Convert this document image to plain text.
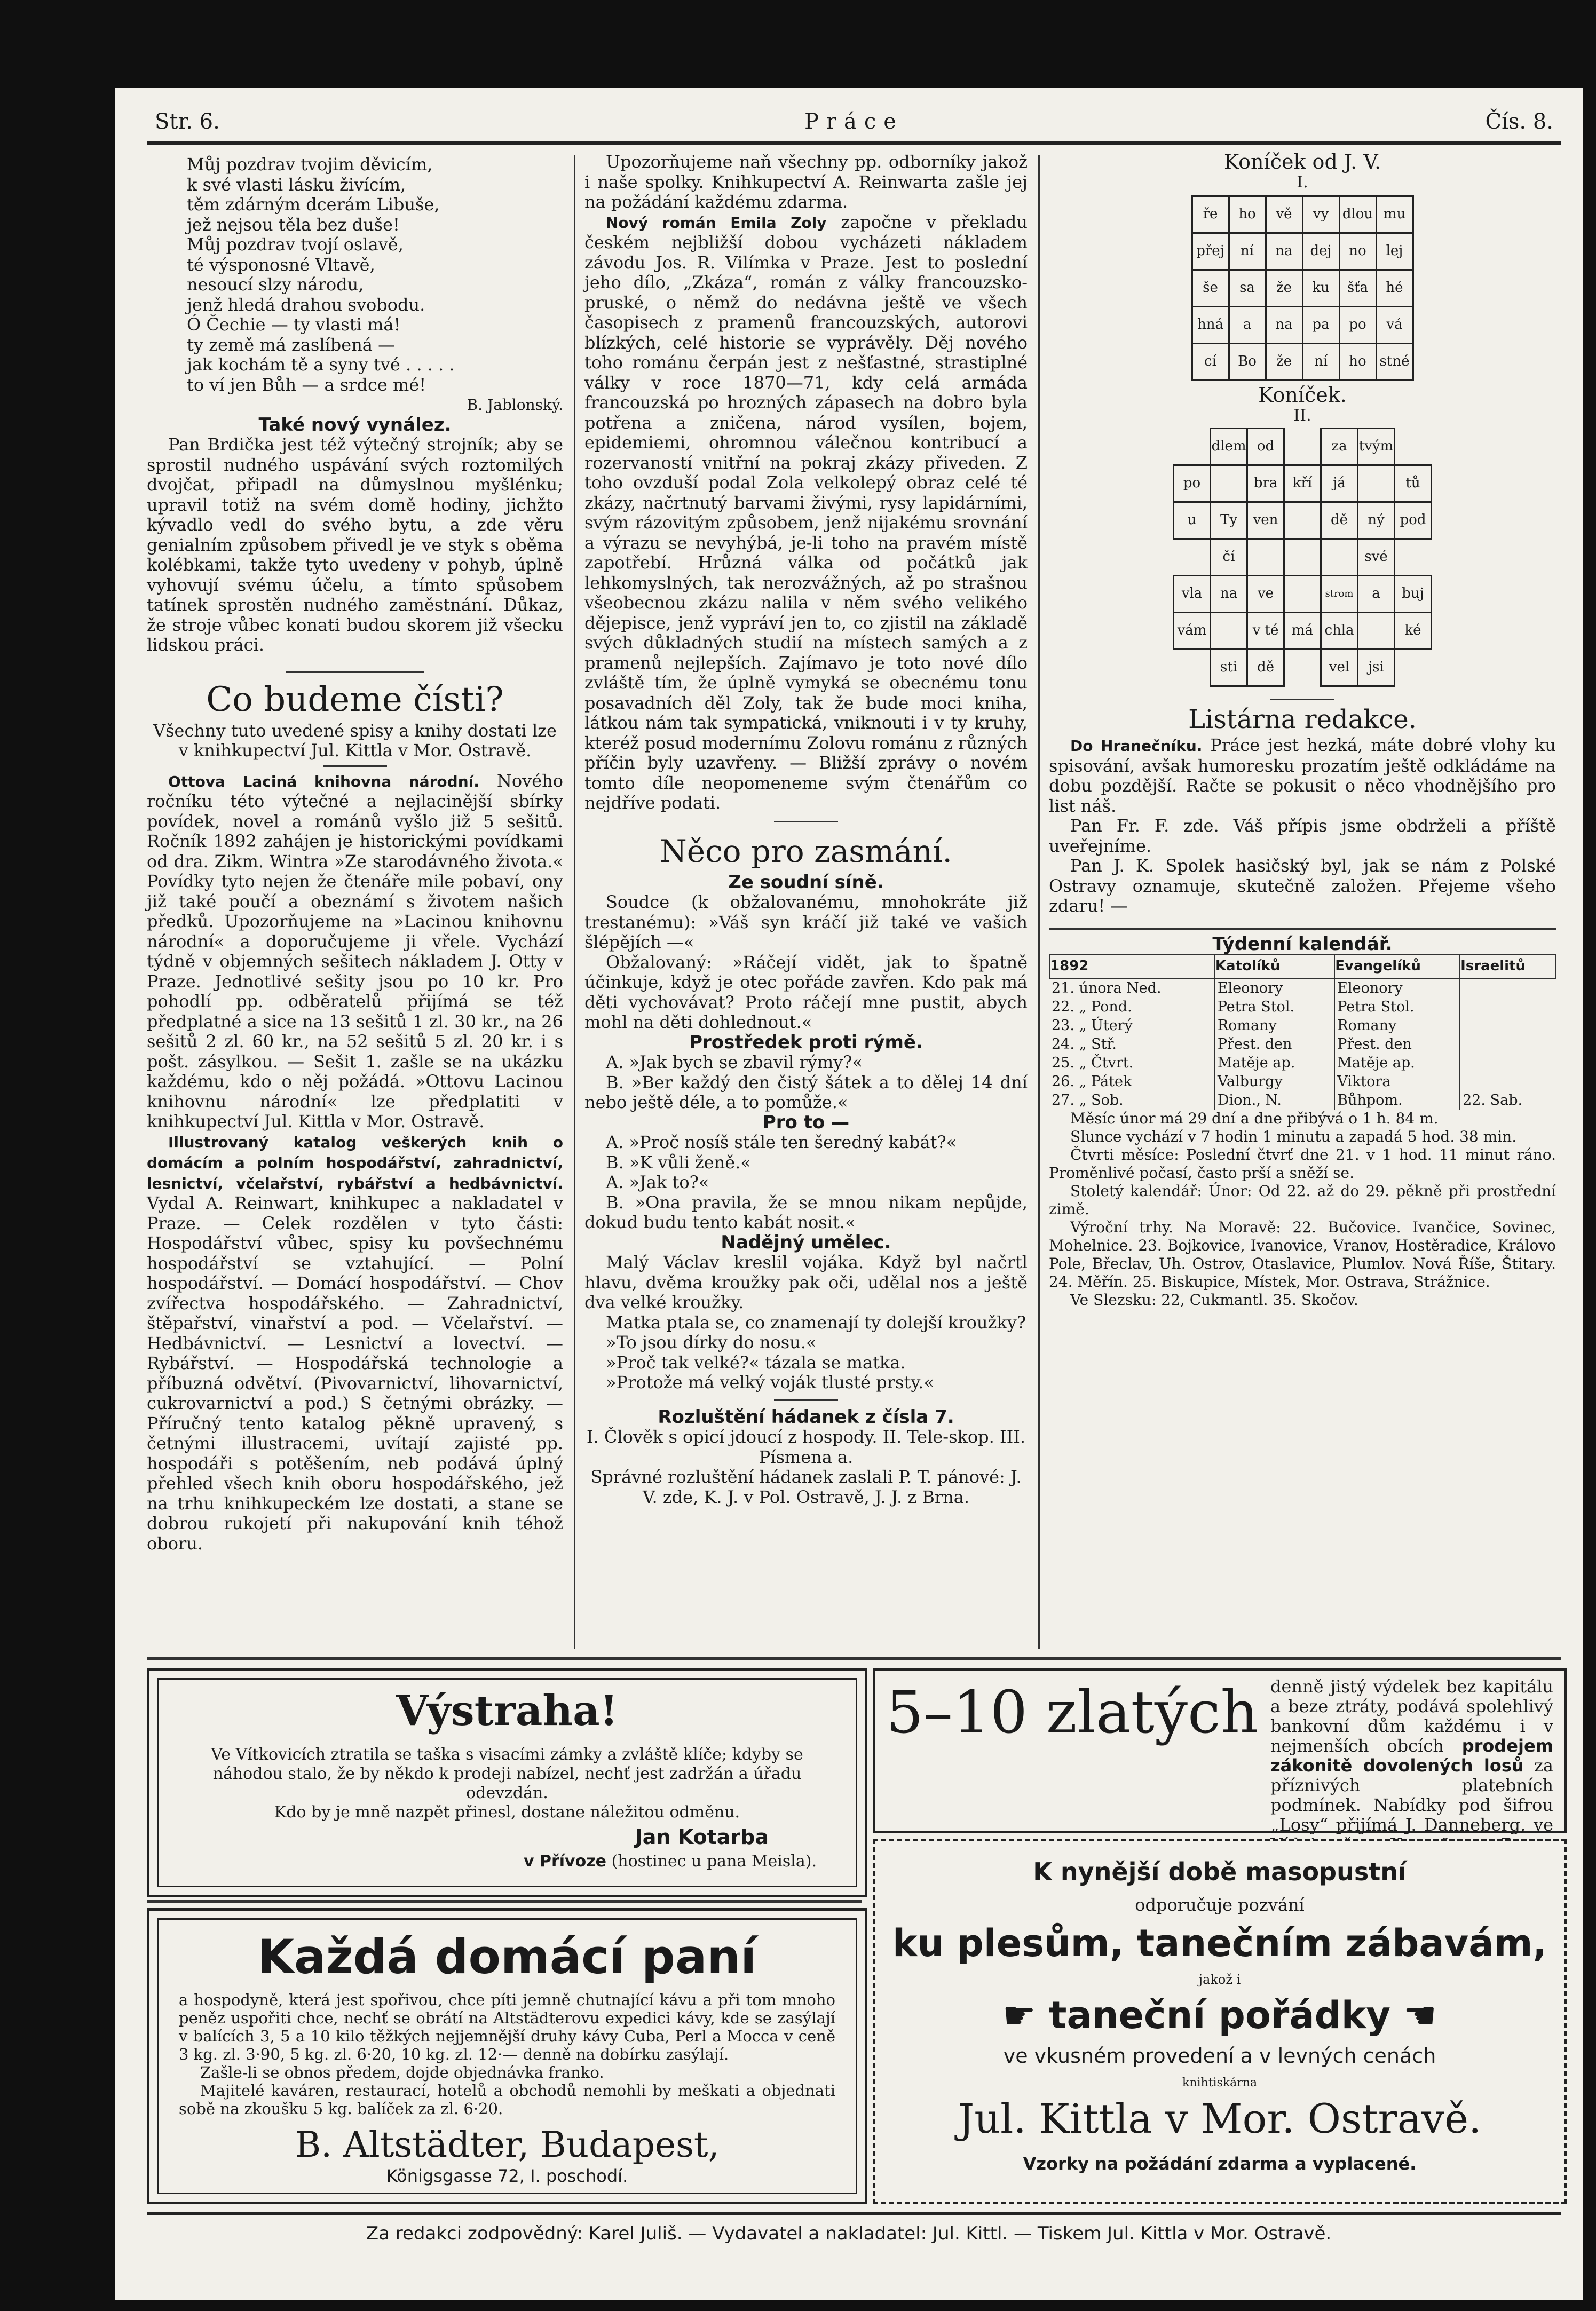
Str. 6.	Práce	Čís. 8.

Můj pozdrav tvojim děvicím,

k své vlasti lásku živícím,

těm zdárným dcerám Libuše,

jež nejsou těla bez duše!

Můj pozdrav tvojí oslavě,

té výsponosné Vltavě,

nesoucí slzy národu,

jenž hledá drahou svobodu.

Ó Čechie — ty vlasti má!

ty země má zaslíbená —

jak kochám tě a syny tvé . . . . .

to ví jen Bůh — a srdce mé!

B. Jablonský.

Také nový vynález.

Pan Brdička jest též výtečný strojník; aby se sprostil nudného uspávání svých roztomilých dvojčat, připadl na důmyslnou myšlénku; upravil totiž na svém domě hodiny, jichžto kývadlo vedl do svého bytu, a zde věru genialním způsobem přivedl je ve styk s oběma kolébkami, takže tyto uvedeny v pohyb, úplně vyhovují svému účelu, a tímto spůsobem tatínek sprostěn nudného zaměstnání. Důkaz, že stroje vůbec konati budou skorem již všecku lidskou práci.

Co budeme čísti?

Všechny tuto uvedené spisy a knihy dostati lze v knihkupectví Jul. Kittla v Mor. Ostravě.

Ottova Laciná knihovna národní. Nového ročníku této výtečné a nejlacinější sbírky povídek, novel a románů vyšlo již 5 sešitů. Ročník 1892 zahájen je historickými povídkami od dra. Zikm. Wintra »Ze starodávného života.« Povídky tyto nejen že čtenáře mile pobaví, ony již také poučí a obeznámí s životem našich předků. Upozorňujeme na »Lacinou knihovnu národní« a doporučujeme ji vřele. Vychází týdně v objemných sešitech nákladem J. Otty v Praze. Jednotlivé sešity jsou po 10 kr. Pro pohodlí pp. odběratelů přijímá se též předplatné a sice na 13 sešitů 1 zl. 30 kr., na 26 sešitů 2 zl. 60 kr., na 52 sešitů 5 zl. 20 kr. i s pošt. zásylkou. — Sešit 1. zašle se na ukázku každému, kdo o něj požádá. »Ottovu Lacinou knihovnu národní« lze předplatiti v knihkupectví Jul. Kittla v Mor. Ostravě.

Illustrovaný katalog veškerých knih o domácím a polním hospodářství, zahradnictví, lesnictví, včelařství, rybářství a hedbávnictví. Vydal A. Reinwart, knihkupec a nakladatel v Praze. — Celek rozdělen v tyto části: Hospodářství vůbec, spisy ku povšechnému hospodářství se vztahující. — Polní hospodářství. — Domácí hospodářství. — Chov zvířectva hospodářského. — Zahradnictví, štěpařství, vinařství a pod. — Včelařství. — Hedbávnictví. — Lesnictví a lovectví. — Rybářství. — Hospodářská technologie a příbuzná odvětví. (Pivovarnictví, lihovarnictví, cukrovarnictví a pod.) S četnými obrázky. — Příručný tento katalog pěkně upravený, s četnými illustracemi, uvítají zajisté pp. hospodáři s potěšením, neb podává úplný přehled všech knih oboru hospodářského, jež na trhu knihkupeckém lze dostati, a stane se dobrou rukojetí při nakupování knih téhož oboru.

Upozorňujeme naň všechny pp. odborníky jakož i naše spolky. Knihkupectví A. Reinwarta zašle jej na požádání každému zdarma.

Nový román Emila Zoly započne v překladu českém nejbližší dobou vycházeti nákladem závodu Jos. R. Vilímka v Praze. Jest to poslední jeho dílo, „Zkáza“, román z války francouzsko-pruské, o němž do nedávna ještě ve všech časopisech z pramenů francouzských, autorovi blízkých, celé historie se vyprávěly. Děj nového toho románu čerpán jest z nešťastné, strastiplné války v roce 1870—71, kdy celá armáda francouzská po hrozných zápasech na dobro byla potřena a zničena, národ vysílen, bojem, epidemiemi, ohromnou válečnou kontribucí a rozervaností vnitřní na pokraj zkázy přiveden. Z toho ovzduší podal Zola velkolepý obraz celé té zkázy, načrtnutý barvami živými, rysy lapidárními, svým rázovitým způsobem, jenž nijakému srovnání a výrazu se nevyhýbá, je-li toho na pravém místě zapotřebí. Hrůzná válka od počátků jak lehkomyslných, tak nerozvážných, až po strašnou všeobecnou zkázu nalila v něm svého velikého dějepisce, jenž vypráví jen to, co zjistil na základě svých důkladných studií na místech samých a z pramenů nejlepších. Zajímavo je toto nové dílo zvláště tím, že úplně vymyká se obecnému tonu posavadních děl Zoly, tak že bude moci kniha, látkou nám tak sympatická, vniknouti i v ty kruhy, kteréž posud modernímu Zolovu románu z různých příčin byly uzavřeny. — Bližší zprávy o novém tomto díle neopomeneme svým čtenářům co nejdříve podati.

Něco pro zasmání.

Ze soudní síně.

Soudce (k obžalovanému, mnohokráte již trestanému): »Váš syn kráčí již také ve vašich šlépějích —«

Obžalovaný: »Ráčejí vidět, jak to špatně účinkuje, když je otec pořáde zavřen. Kdo pak má děti vychovávat? Proto ráčejí mne pustit, abych mohl na děti dohlednout.«

Prostředek proti rýmě.

A. »Jak bych se zbavil rýmy?«

B. »Ber každý den čistý šátek a to dělej 14 dní nebo ještě déle, a to pomůže.«

Pro to —

A. »Proč nosíš stále ten šeredný kabát?«

B. »K vůli ženě.«

A. »Jak to?«

B. »Ona pravila, že se mnou nikam nepůjde, dokud budu tento kabát nosit.«

Nadějný umělec.

Malý Václav kreslil vojáka. Když byl načrtl hlavu, dvěma kroužky pak oči, udělal nos a ještě dva velké kroužky.

Matka ptala se, co znamenají ty dolejší kroužky?

»To jsou dírky do nosu.«

»Proč tak velké?« tázala se matka.

»Protože má velký voják tlusté prsty.«

Rozluštění hádanek z čísla 7.

I. Člověk s opicí jdoucí z hospody. II. Tele-skop. III. Písmena a.

Správné rozluštění hádanek zaslali P. T. pánové: J. V. zde, K. J. v Pol. Ostravě, J. J. z Brna.

Koníček od J. V.

I.

ře	ho	vě	vy	dlou	mu
přej	ní	na	dej	no	lej
še	sa	že	ku	šťa	hé
hná	a	na	pa	po	vá
cí	Bo	že	ní	ho	stné

Koníček.

II.

	dlem	od		za	tvým	
po		bra	kří	já		tů
u	Ty	ven		dě	ný	pod
	čí				své	
vla	na	ve		strom	a	buj
vám		v té	má	chla		ké
	sti	dě		vel	jsi	

Listárna redakce.

Do Hranečníku. Práce jest hezká, máte dobré vlohy ku spisování, avšak humoresku prozatím ještě odkládáme na dobu pozdější. Račte se pokusit o něco vhodnějšího pro list náš.

Pan Fr. F. zde. Váš přípis jsme obdrželi a příště uveřejníme.

Pan J. K. Spolek hasičský byl, jak se nám z Polské Ostravy oznamuje, skutečně založen. Přejeme všeho zdaru! —

Týdenní kalendář.

1892	Katolíků	Evangelíků	Israelitů
21. února Ned.	Eleonory	Eleonory	
22. „ Pond.	Petra Stol.	Petra Stol.	
23. „ Úterý	Romany	Romany	
24. „ Stř.	Přest. den	Přest. den	
25. „ Čtvrt.	Matěje ap.	Matěje ap.	
26. „ Pátek	Valburgy	Viktora	
27. „ Sob.	Dion., N.	Bůhpom.	22. Sab.

Měsíc únor má 29 dní a dne přibývá o 1 h. 84 m.

Slunce vychází v 7 hodin 1 minutu a zapadá 5 hod. 38 min.

Čtvrti měsíce: Poslední čtvrť dne 21. v 1 hod. 11 minut ráno. Proměnlivé počasí, často prší a sněží se.

Stoletý kalendář: Únor: Od 22. až do 29. pěkně při prostřední zimě.

Výroční trhy. Na Moravě: 22. Bučovice. Ivančice, Sovinec, Mohelnice. 23. Bojkovice, Ivanovice, Vranov, Hostěradice, Královo Pole, Břeclav, Uh. Ostrov, Otaslavice, Plumlov. Nová Říše, Štitary. 24. Měřín. 25. Biskupice, Místek, Mor. Ostrava, Strážnice.

Ve Slezsku: 22, Cukmantl. 35. Skočov.

Výstraha!

Ve Vítkovicích ztratila se taška s visacími zámky a zvláště klíče; kdyby se náhodou stalo, že by někdo k prodeji nabízel, nechť jest zadržán a úřadu odevzdán.

Kdo by je mně nazpět přinesl, dostane náležitou odměnu.

Jan Kotarba
v Přívoze (hostinec u pana Meisla).
5–10 zlatých denně jistý výdelek bez kapitálu a beze ztráty, podává spolehlivý bankovní dům každému i v nejmenších obcích prodejem zákonitě dovolených losů za příznivých platebních podmínek. Nabídky pod šifrou „Losy“ přijímá J. Danneberg, ve
Každá domácí paní

a hospodyně, která jest spořivou, chce píti jemně chutnající kávu a při tom mnoho peněz uspořiti chce, nechť se obrátí na Altstädterovu expedici kávy, kde se zasýlají v balících 3, 5 a 10 kilo těžkých nejjemnější druhy kávy Cuba, Perl a Mocca v ceně 3 kg. zl. 3·90, 5 kg. zl. 6·20, 10 kg. zl. 12·— denně na dobírku zasýlají.

Zašle-li se obnos předem, dojde objednávka franko.

Majitelé kaváren, restaurací, hotelů a obchodů nemohli by meškati a objednati sobě na zkoušku 5 kg. balíček za zl. 6·20.

B. Altstädter, Budapest,
Königsgasse 72, I. poschodí.
K nynější době masopustní
odporučuje pozvání
ku plesům, tanečním zábavám,
jakož i
☛ taneční pořádky ☛
ve vkusném provedení a v levných cenách
knihtiskárna
Jul. Kittla v Mor. Ostravě.
Vzorky na požádání zdarma a vyplacené.
Za redakci zodpovědný: Karel Juliš. — Vydavatel a nakladatel: Jul. Kittl. — Tiskem Jul. Kittla v Mor. Ostravě.
